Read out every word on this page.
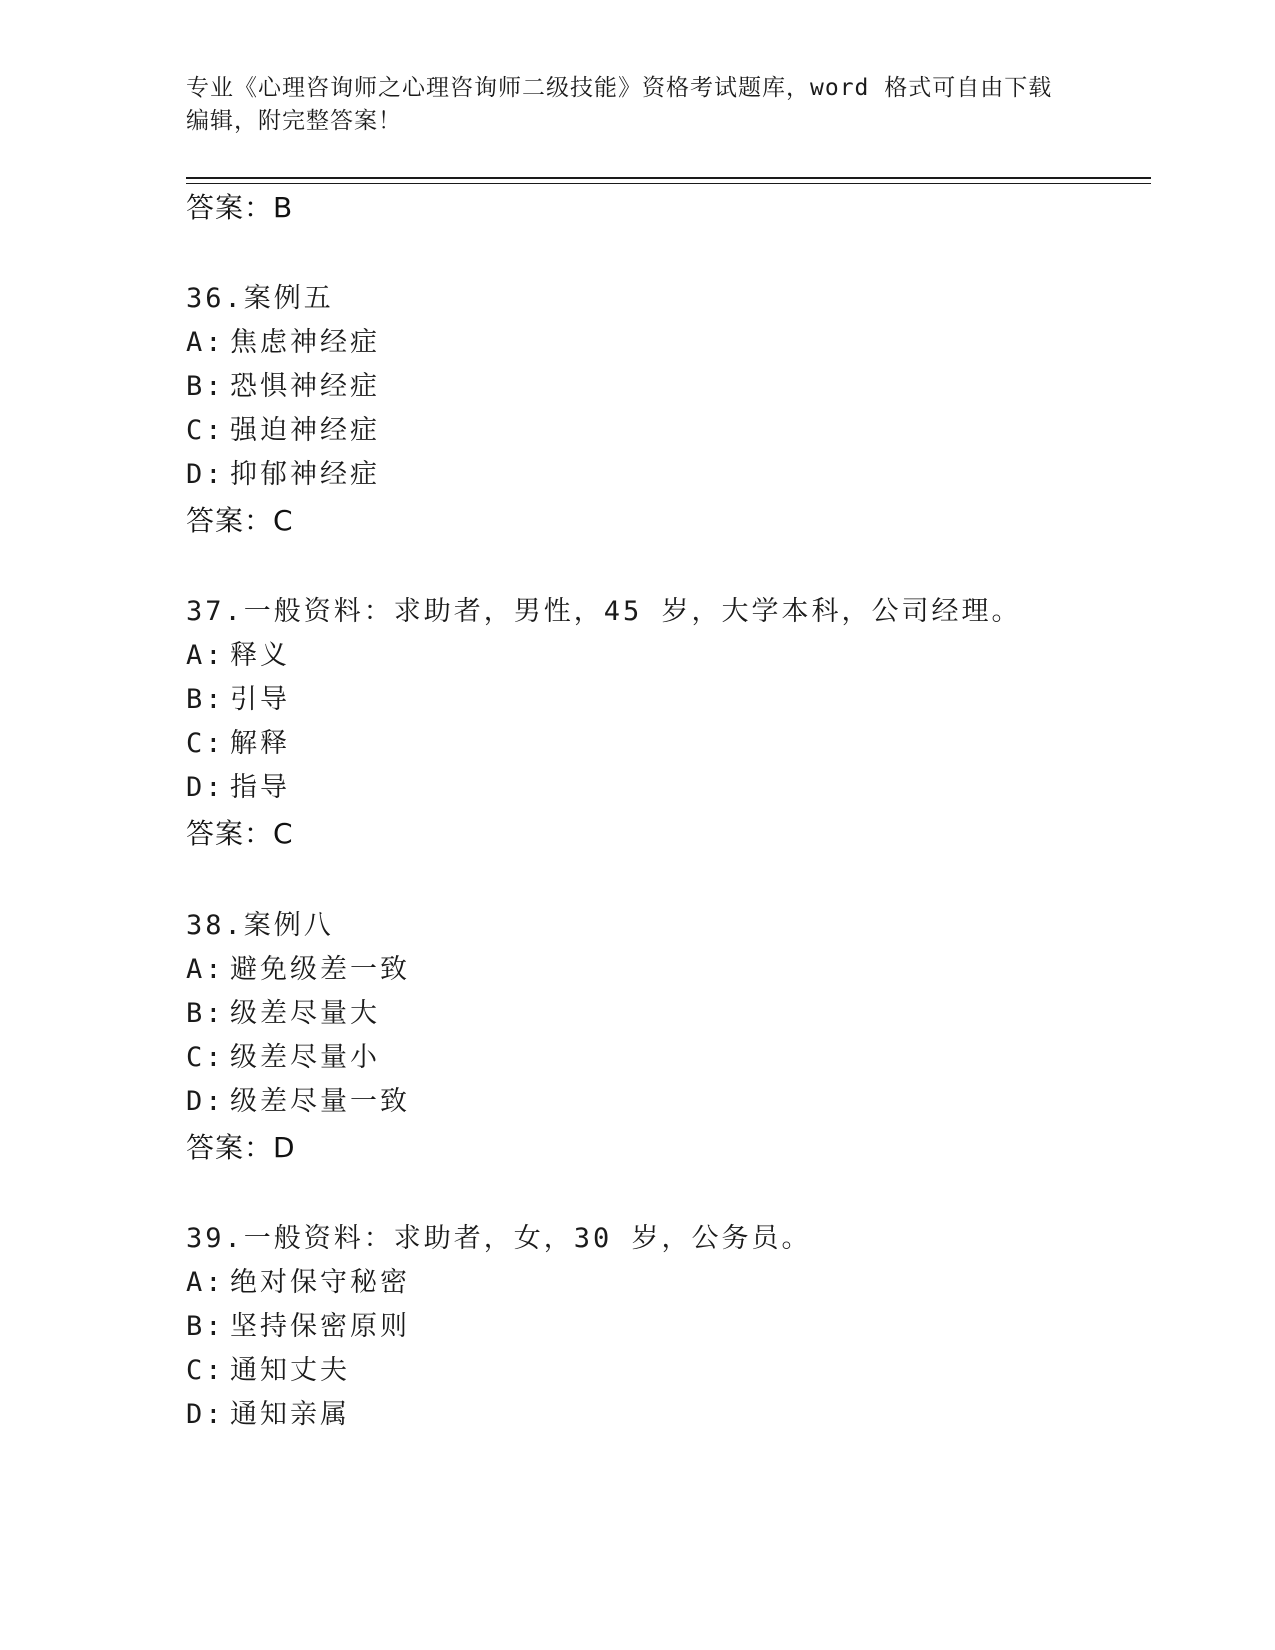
专业《心理咨询师之心理咨询师二级技能》资格考试题库，word 格式可自由下载
编辑，附完整答案！
答案：B
36.案例五
A: 焦虑神经症
B: 恐惧神经症
C: 强迫神经症
D: 抑郁神经症
答案：C
37.一般资料：求助者，男性，45 岁，大学本科，公司经理。
A: 释义
B: 引导
C: 解释
D: 指导
答案：C
38.案例八
A: 避免级差一致
B: 级差尽量大
C: 级差尽量小
D: 级差尽量一致
答案：D
39.一般资料：求助者，女，30 岁，公务员。
A: 绝对保守秘密
B: 坚持保密原则
C: 通知丈夫
D: 通知亲属
